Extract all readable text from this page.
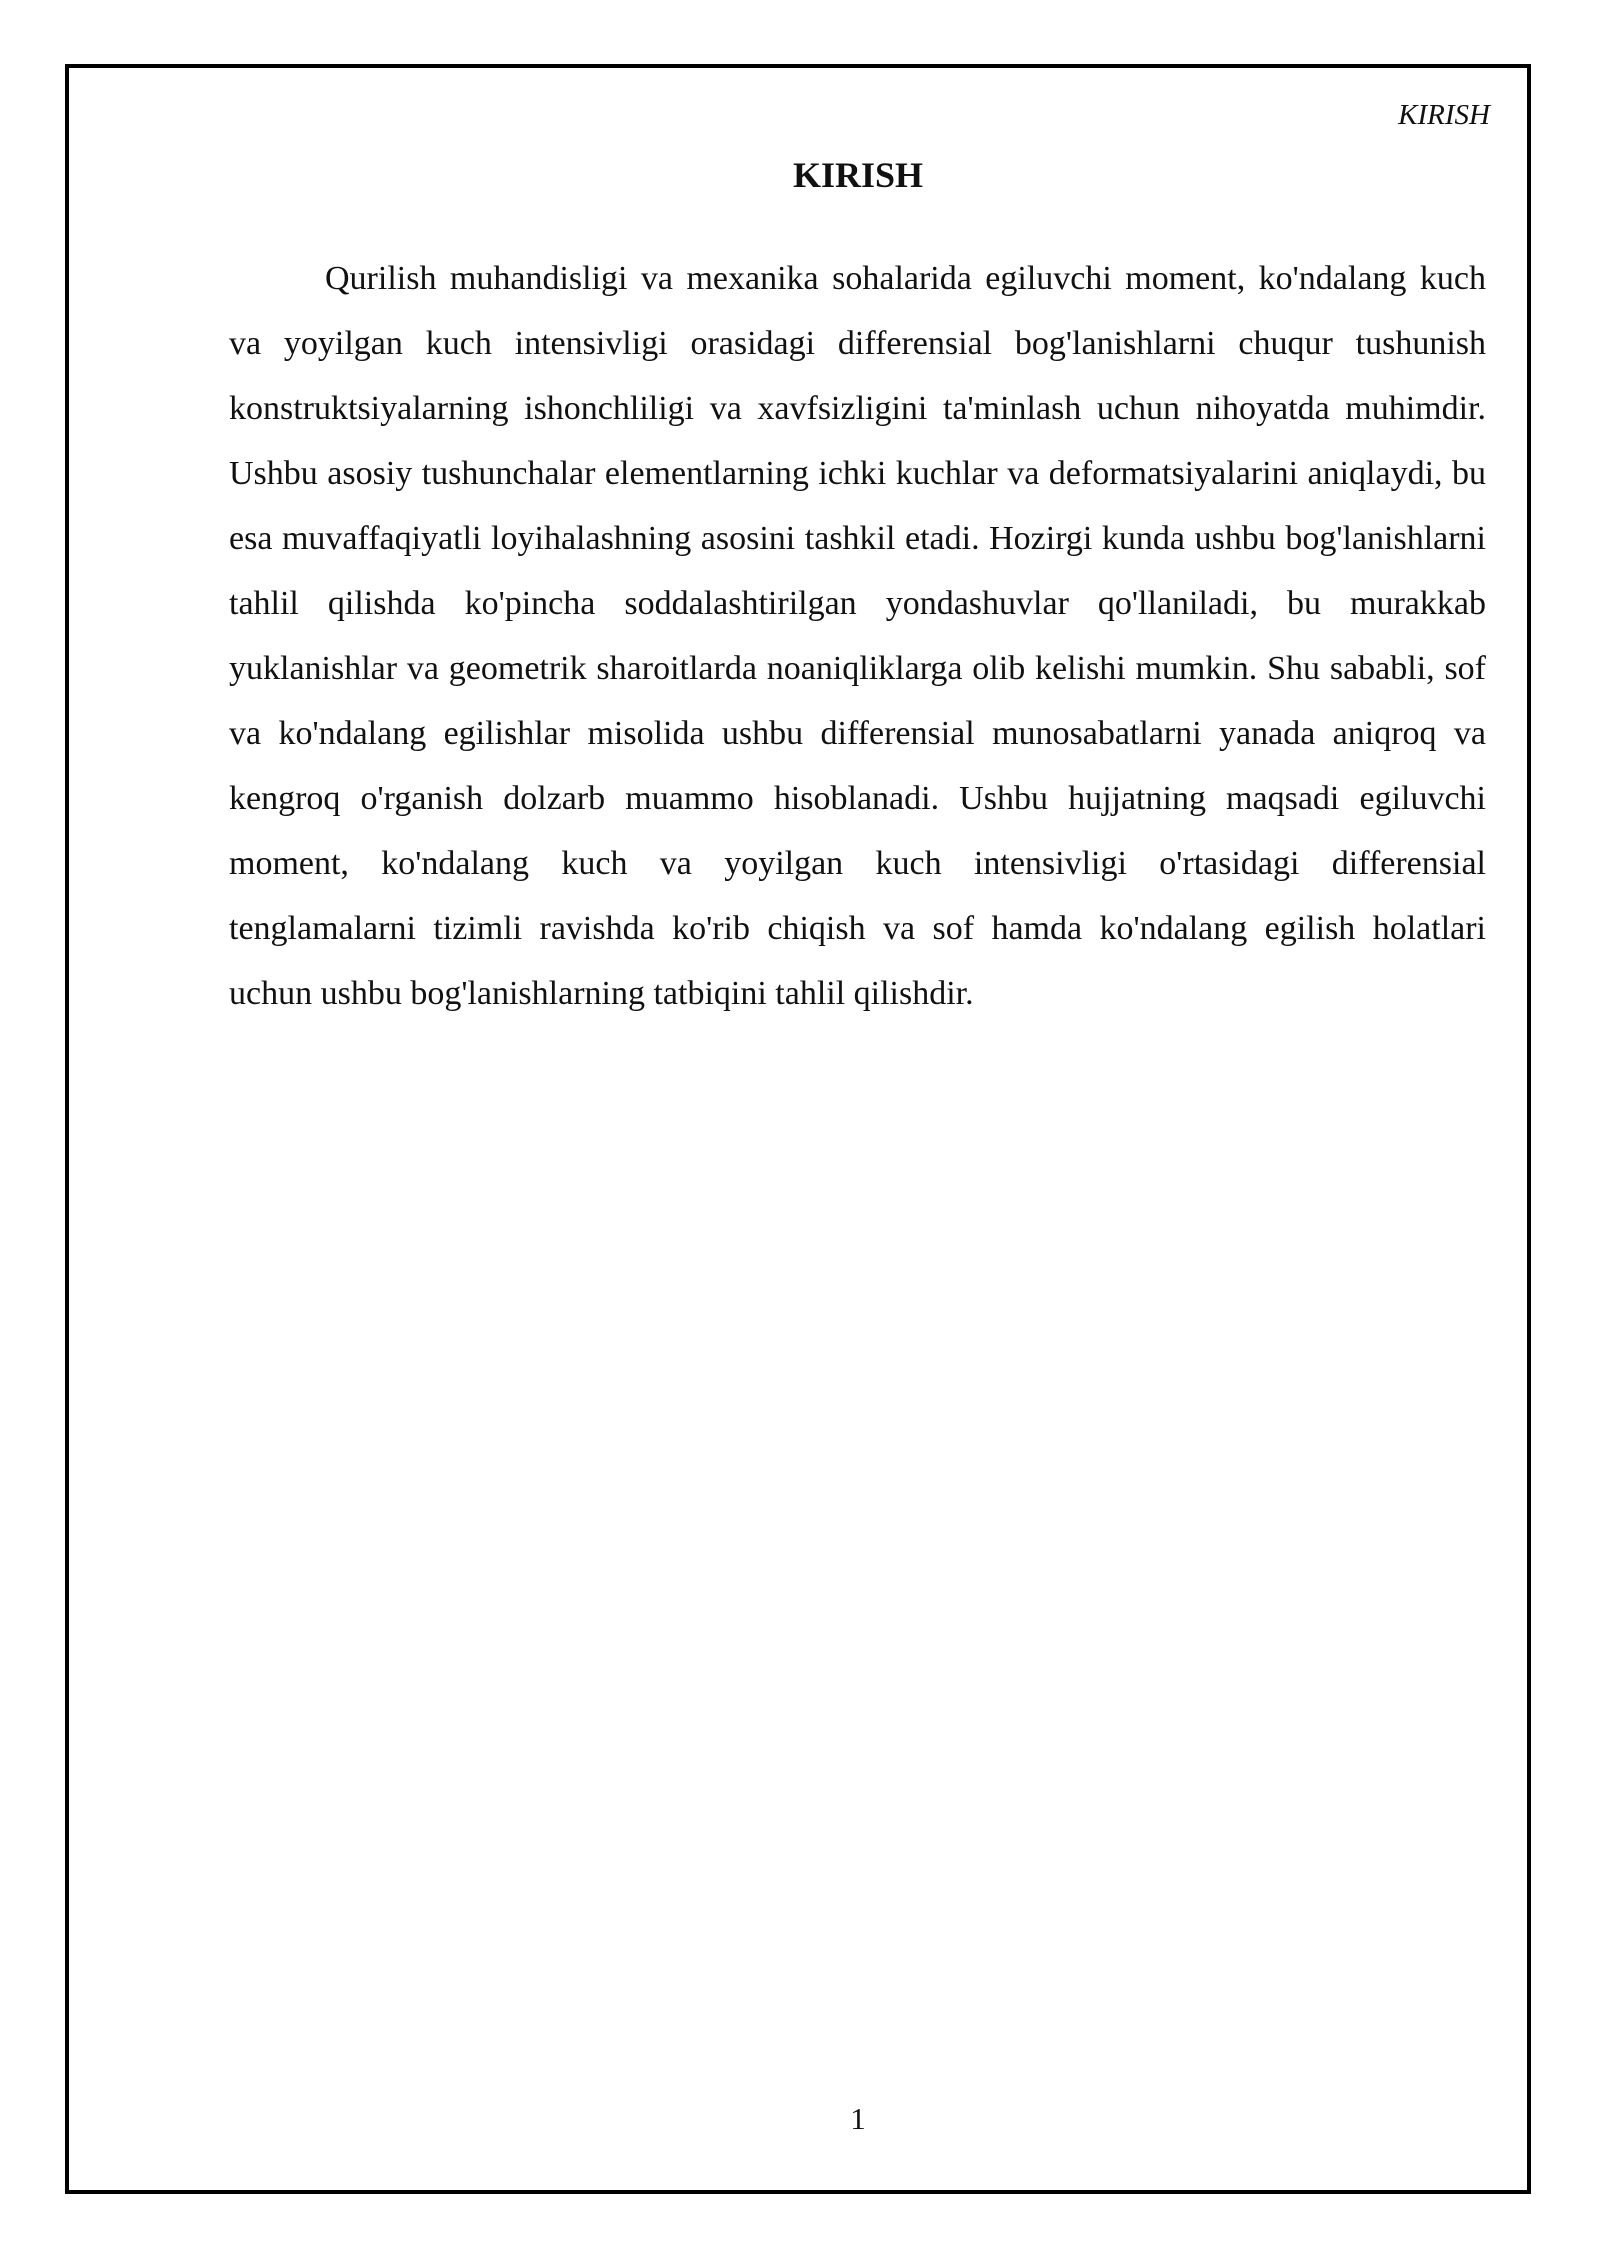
KIRISH
KIRISH

Qurilish muhandisligi va mexanika sohalarida egiluvchi moment, ko'ndalang kuch va yoyilgan kuch intensivligi orasidagi differensial bog'lanishlarni chuqur tushunish konstruktsiyalarning ishonchliligi va xavfsizligini ta'minlash uchun nihoyatda muhimdir. Ushbu asosiy tushunchalar elementlarning ichki kuchlar va deformatsiyalarini aniqlaydi, bu esa muvaffaqiyatli loyihalashning asosini tashkil etadi. Hozirgi kunda ushbu bog'lanishlarni tahlil qilishda ko'pincha soddalashtirilgan yondashuvlar qo'llaniladi, bu murakkab yuklanishlar va geometrik sharoitlarda noaniqliklarga olib kelishi mumkin. Shu sababli, sof va ko'ndalang egilishlar misolida ushbu differensial munosabatlarni yanada aniqroq va kengroq o'rganish dolzarb muammo hisoblanadi. Ushbu hujjatning maqsadi egiluvchi moment, ko'ndalang kuch va yoyilgan kuch intensivligi o'rtasidagi differensial tenglamalarni tizimli ravishda ko'rib chiqish va sof hamda ko'ndalang egilish holatlari uchun ushbu bog'lanishlarning tatbiqini tahlil qilishdir.

1
